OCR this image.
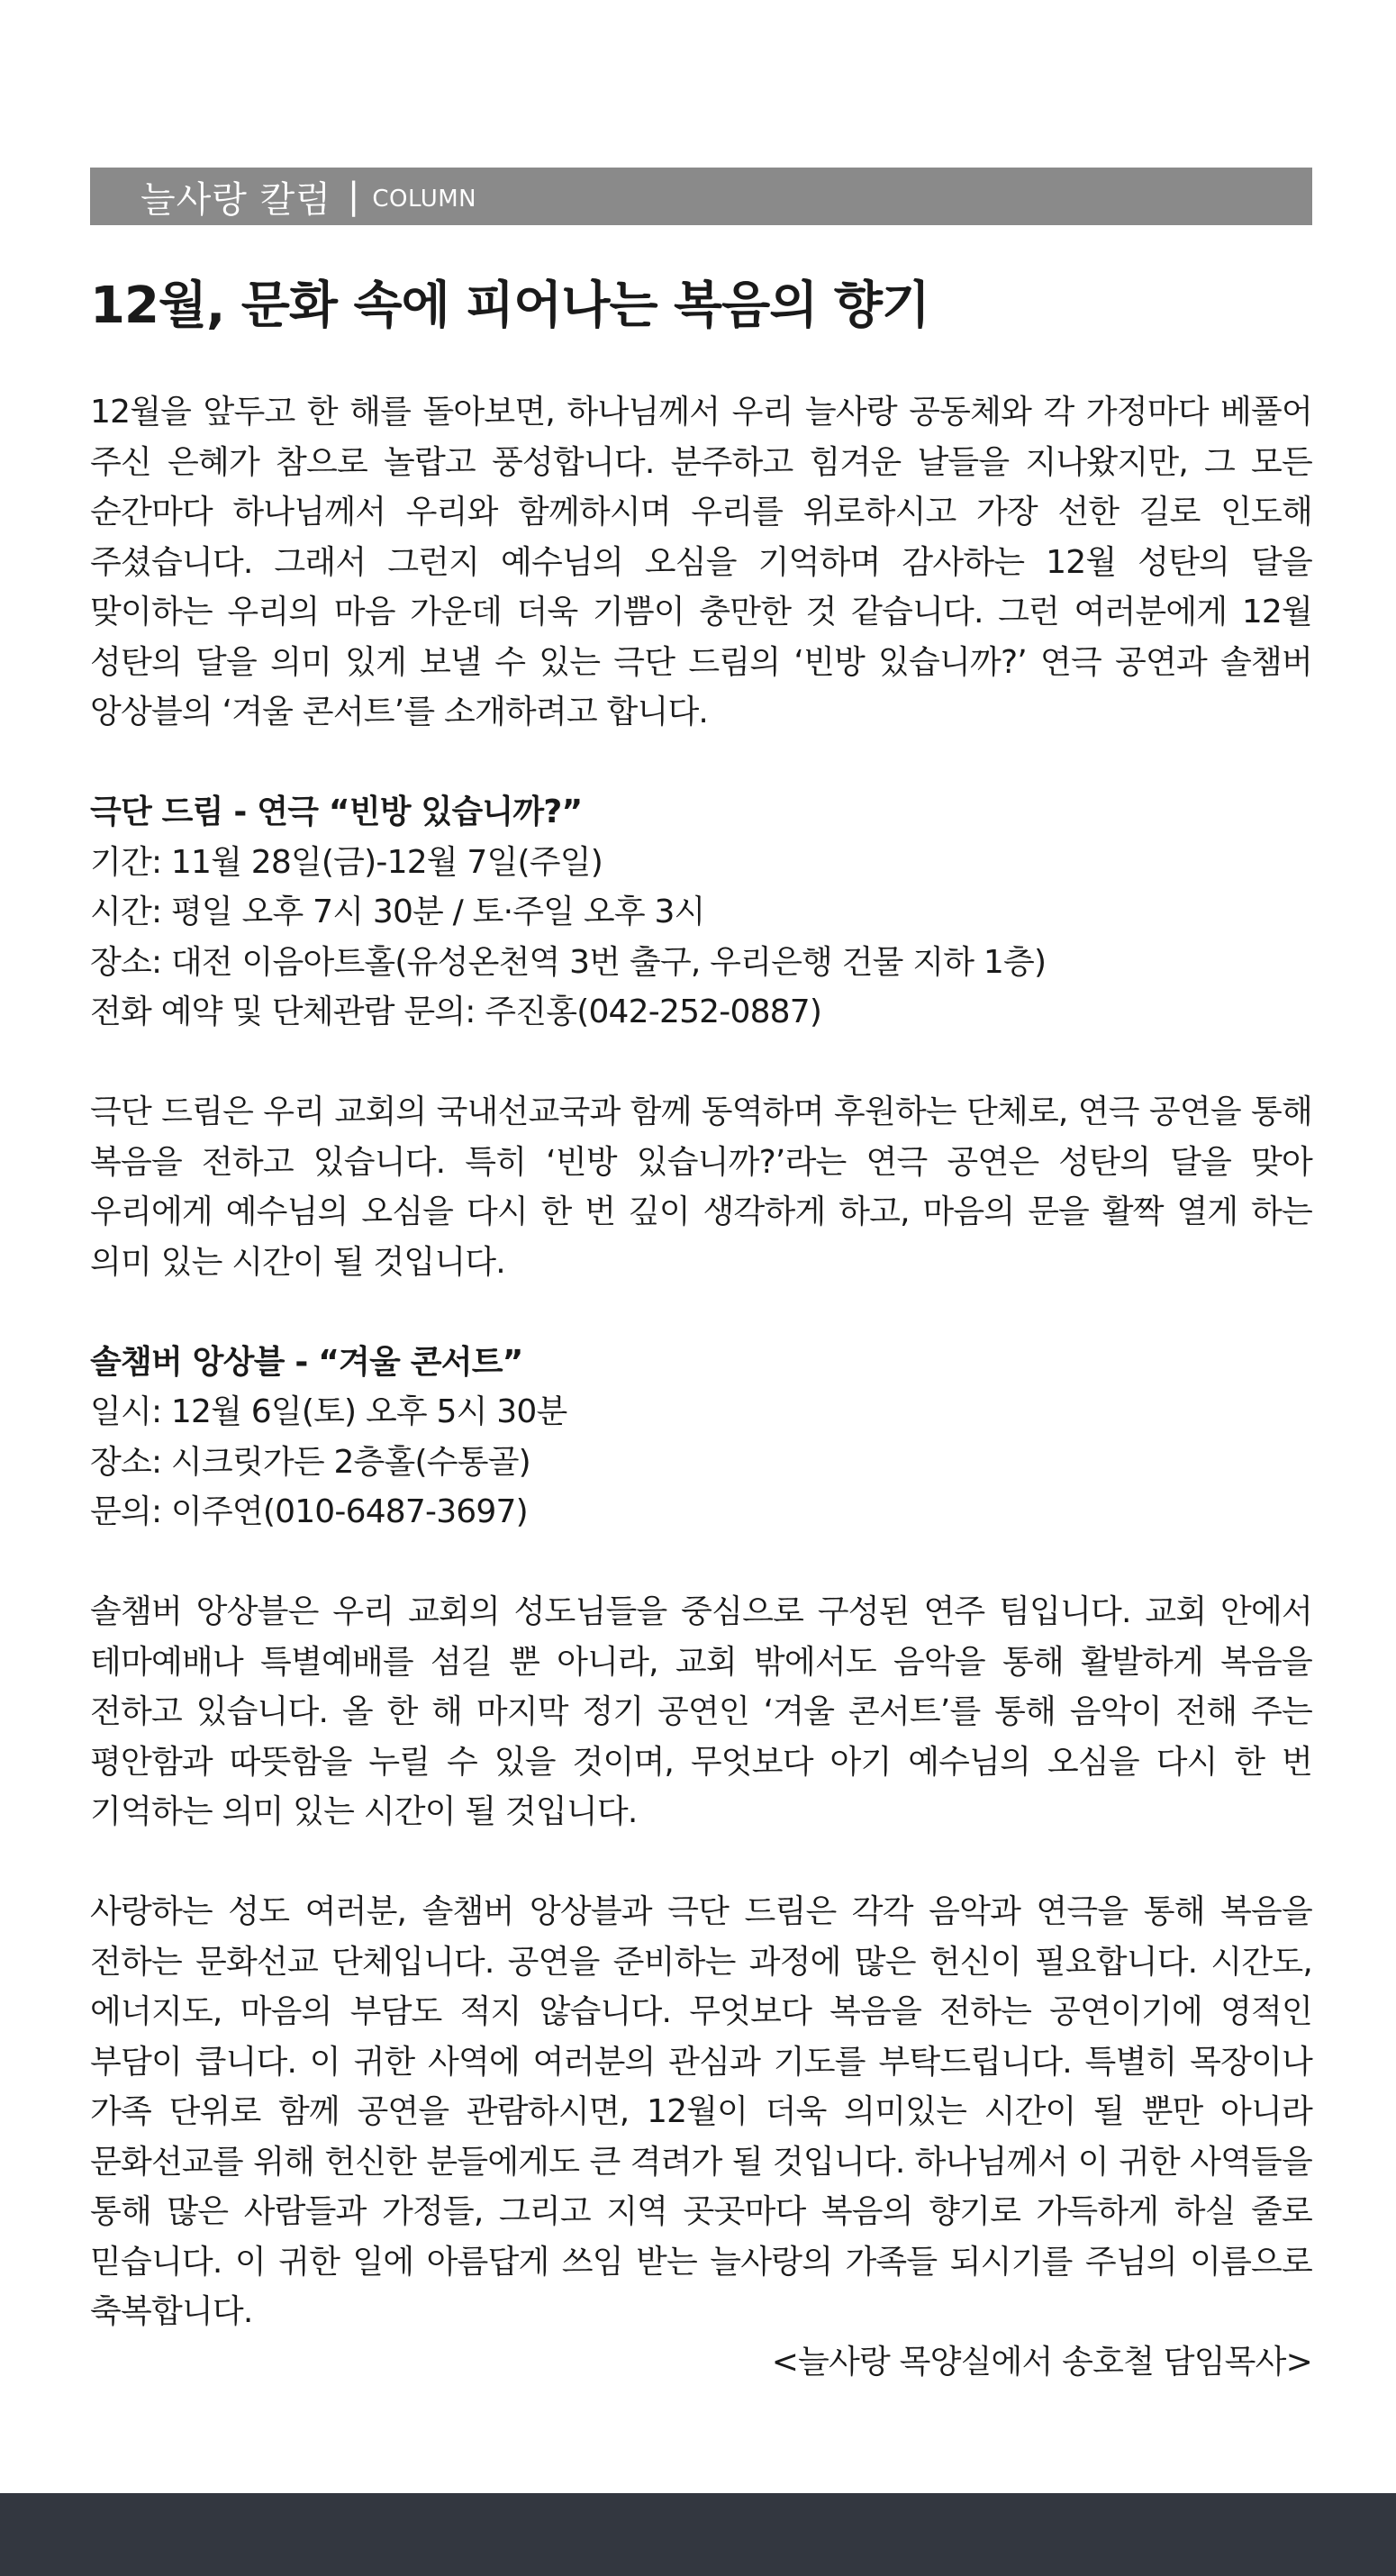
늘사랑 칼럼 | COLUMN
12월, 문화 속에 피어나는 복음의 향기

12월을 앞두고 한 해를 돌아보면, 하나님께서 우리 늘사랑 공동체와 각 가정마다 베풀어 주신 은혜가 참으로 놀랍고 풍성합니다. 분주하고 힘겨운 날들을 지나왔지만, 그 모든 순간마다 하나님께서 우리와 함께하시며 우리를 위로하시고 가장 선한 길로 인도해 주셨습니다. 그래서 그런지 예수님의 오심을 기억하며 감사하는 12월 성탄의 달을 맞이하는 우리의 마음 가운데 더욱 기쁨이 충만한 것 같습니다. 그런 여러분에게 12월 성탄의 달을 의미 있게 보낼 수 있는 극단 드림의 ‘빈방 있습니까?’ 연극 공연과 솔챔버 앙상블의 ‘겨울 콘서트’를 소개하려고 합니다.

극단 드림 - 연극 “빈방 있습니까?”
기간: 11월 28일(금)-12월 7일(주일)
시간: 평일 오후 7시 30분 / 토·주일 오후 3시
장소: 대전 이음아트홀(유성온천역 3번 출구, 우리은행 건물 지하 1층)
전화 예약 및 단체관람 문의: 주진홍(042-252-0887)

극단 드림은 우리 교회의 국내선교국과 함께 동역하며 후원하는 단체로, 연극 공연을 통해 복음을 전하고 있습니다. 특히 ‘빈방 있습니까?’라는 연극 공연은 성탄의 달을 맞아 우리에게 예수님의 오심을 다시 한 번 깊이 생각하게 하고, 마음의 문을 활짝 열게 하는 의미 있는 시간이 될 것입니다.

솔챔버 앙상블 - “겨울 콘서트”
일시: 12월 6일(토) 오후 5시 30분
장소: 시크릿가든 2층홀(수통골)
문의: 이주연(010-6487-3697)

솔챔버 앙상블은 우리 교회의 성도님들을 중심으로 구성된 연주 팀입니다. 교회 안에서 테마예배나 특별예배를 섬길 뿐 아니라, 교회 밖에서도 음악을 통해 활발하게 복음을 전하고 있습니다. 올 한 해 마지막 정기 공연인 ‘겨울 콘서트’를 통해 음악이 전해 주는 평안함과 따뜻함을 누릴 수 있을 것이며, 무엇보다 아기 예수님의 오심을 다시 한 번 기억하는 의미 있는 시간이 될 것입니다.

사랑하는 성도 여러분, 솔챔버 앙상블과 극단 드림은 각각 음악과 연극을 통해 복음을 전하는 문화선교 단체입니다. 공연을 준비하는 과정에 많은 헌신이 필요합니다. 시간도, 에너지도, 마음의 부담도 적지 않습니다. 무엇보다 복음을 전하는 공연이기에 영적인 부담이 큽니다. 이 귀한 사역에 여러분의 관심과 기도를 부탁드립니다. 특별히 목장이나 가족 단위로 함께 공연을 관람하시면, 12월이 더욱 의미있는 시간이 될 뿐만 아니라 문화선교를 위해 헌신한 분들에게도 큰 격려가 될 것입니다. 하나님께서 이 귀한 사역들을 통해 많은 사람들과 가정들, 그리고 지역 곳곳마다 복음의 향기로 가득하게 하실 줄로 믿습니다. 이 귀한 일에 아름답게 쓰임 받는 늘사랑의 가족들 되시기를 주님의 이름으로 축복합니다.

<늘사랑 목양실에서 송호철 담임목사>
